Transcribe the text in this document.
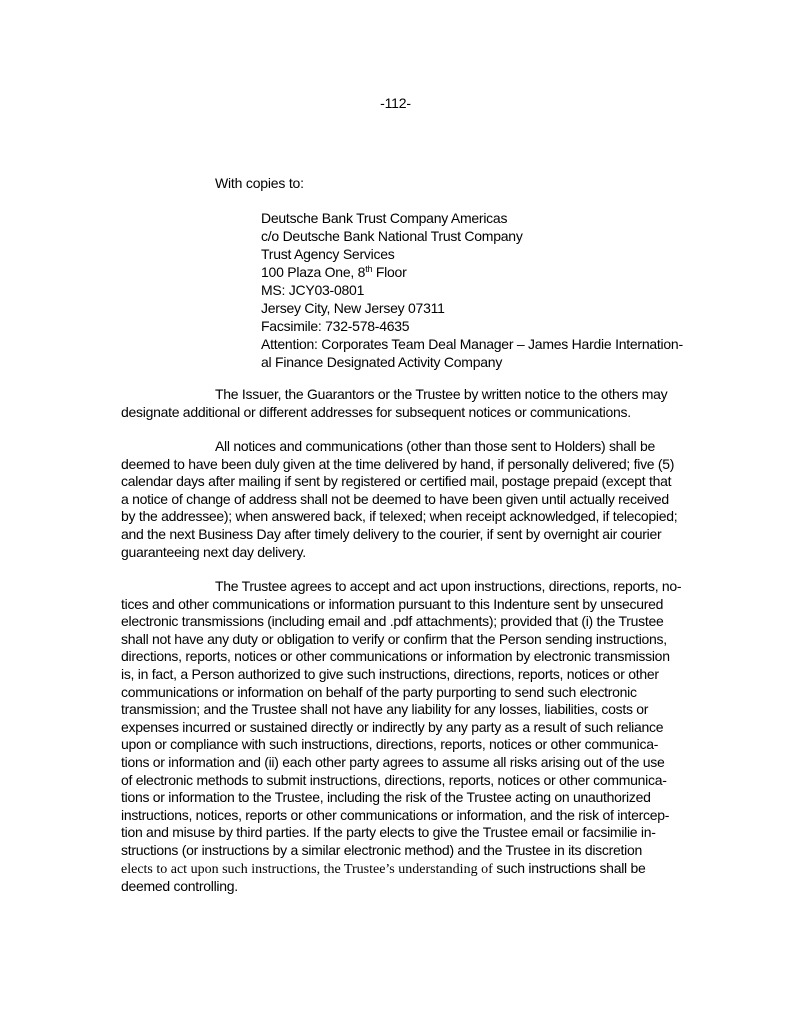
-112-
With copies to:
Deutsche Bank Trust Company Americas
c/o Deutsche Bank National Trust Company
Trust Agency Services
100 Plaza One, 8th Floor
MS: JCY03-0801
Jersey City, New Jersey 07311
Facsimile: 732-578-4635
Attention: Corporates Team Deal Manager – James Hardie Internation-
al Finance Designated Activity Company

The Issuer, the Guarantors or the Trustee by written notice to the others may
designate additional or different addresses for subsequent notices or communications.

All notices and communications (other than those sent to Holders) shall be
deemed to have been duly given at the time delivered by hand, if personally delivered; five (5)
calendar days after mailing if sent by registered or certified mail, postage prepaid (except that
a notice of change of address shall not be deemed to have been given until actually received
by the addressee); when answered back, if telexed; when receipt acknowledged, if telecopied;
and the next Business Day after timely delivery to the courier, if sent by overnight air courier
guaranteeing next day delivery.

The Trustee agrees to accept and act upon instructions, directions, reports, no-
tices and other communications or information pursuant to this Indenture sent by unsecured
electronic transmissions (including email and .pdf attachments); provided that (i) the Trustee
shall not have any duty or obligation to verify or confirm that the Person sending instructions,
directions, reports, notices or other communications or information by electronic transmission
is, in fact, a Person authorized to give such instructions, directions, reports, notices or other
communications or information on behalf of the party purporting to send such electronic
transmission; and the Trustee shall not have any liability for any losses, liabilities, costs or
expenses incurred or sustained directly or indirectly by any party as a result of such reliance
upon or compliance with such instructions, directions, reports, notices or other communica-
tions or information and (ii) each other party agrees to assume all risks arising out of the use
of electronic methods to submit instructions, directions, reports, notices or other communica-
tions or information to the Trustee, including the risk of the Trustee acting on unauthorized
instructions, notices, reports or other communications or information, and the risk of intercep-
tion and misuse by third parties. If the party elects to give the Trustee email or facsimilie in-
structions (or instructions by a similar electronic method) and the Trustee in its discretion
elects to act upon such instructions, the Trustee’s understanding of such instructions shall be
deemed controlling.
